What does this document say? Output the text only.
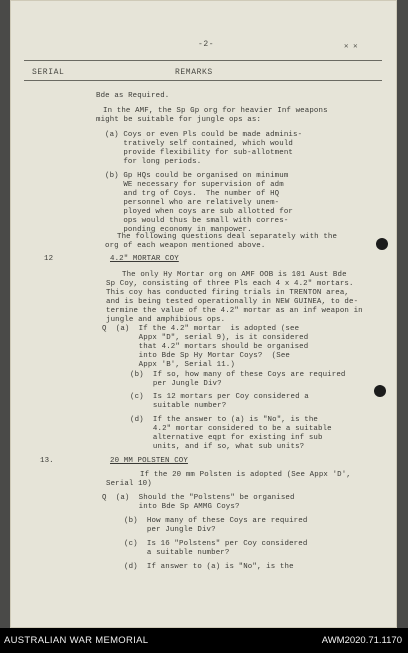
-2-	✕ ✕
SERIAL	REMARKS
Bde as Required.
In the AMF, the Sp Gp org for heavier Inf weapons
might be suitable for jungle ops as:
(a) Coys or even Pls could be made adminis-
tratively self contained, which would
provide flexibility for sub-allotment
for long periods.
(b) Gp HQs could be organised on minimum
WE necessary for supervision of adm
and trg of Coys.  The number of HQ
personnel who are relatively unem-
ployed when coys are sub allotted for
ops would thus be small with corres-
ponding economy in manpower.
The following questions deal separately with the
org of each weapon mentioned above.
12	4.2" MORTAR COY
The only Hy Mortar org on AMF OOB is 101 Aust Bde
Sp Coy, consisting of three Pls each 4 x 4.2" mortars.
This coy has conducted firing trials in TRENTON area,
and is being tested operationally in NEW GUINEA, to de-
termine the value of the 4.2" mortar as an inf weapon in
jungle and amphibious ops.
Q  (a)  If the 4.2" mortar  is adopted (see
Appx "D", serial 9), is it considered
that 4.2" mortars should be organised
into Bde Sp Hy Mortar Coys?  (See
Appx 'B', Serial 11.)
(b)  If so, how many of these Coys are required
per Jungle Div?
(c)  Is 12 mortars per Coy considered a
suitable number?
(d)  If the answer to (a) is "No", is the
4.2" mortar considered to be a suitable
alternative eqpt for existing inf sub
units, and if so, what sub units?
13.	20 MM POLSTEN COY
If the 20 mm Polsten is adopted (See Appx 'D',
Serial 10)
Q  (a)  Should the "Polstens" be organised
into Bde Sp AMMG Coys?
(b)  How many of these Coys are required
per Jungle Div?
(c)  Is 16 "Polstens" per Coy considered
a suitable number?
(d)  If answer to (a) is "No", is the
AUSTRALIAN WAR MEMORIAL	AWM2020.71.1170
